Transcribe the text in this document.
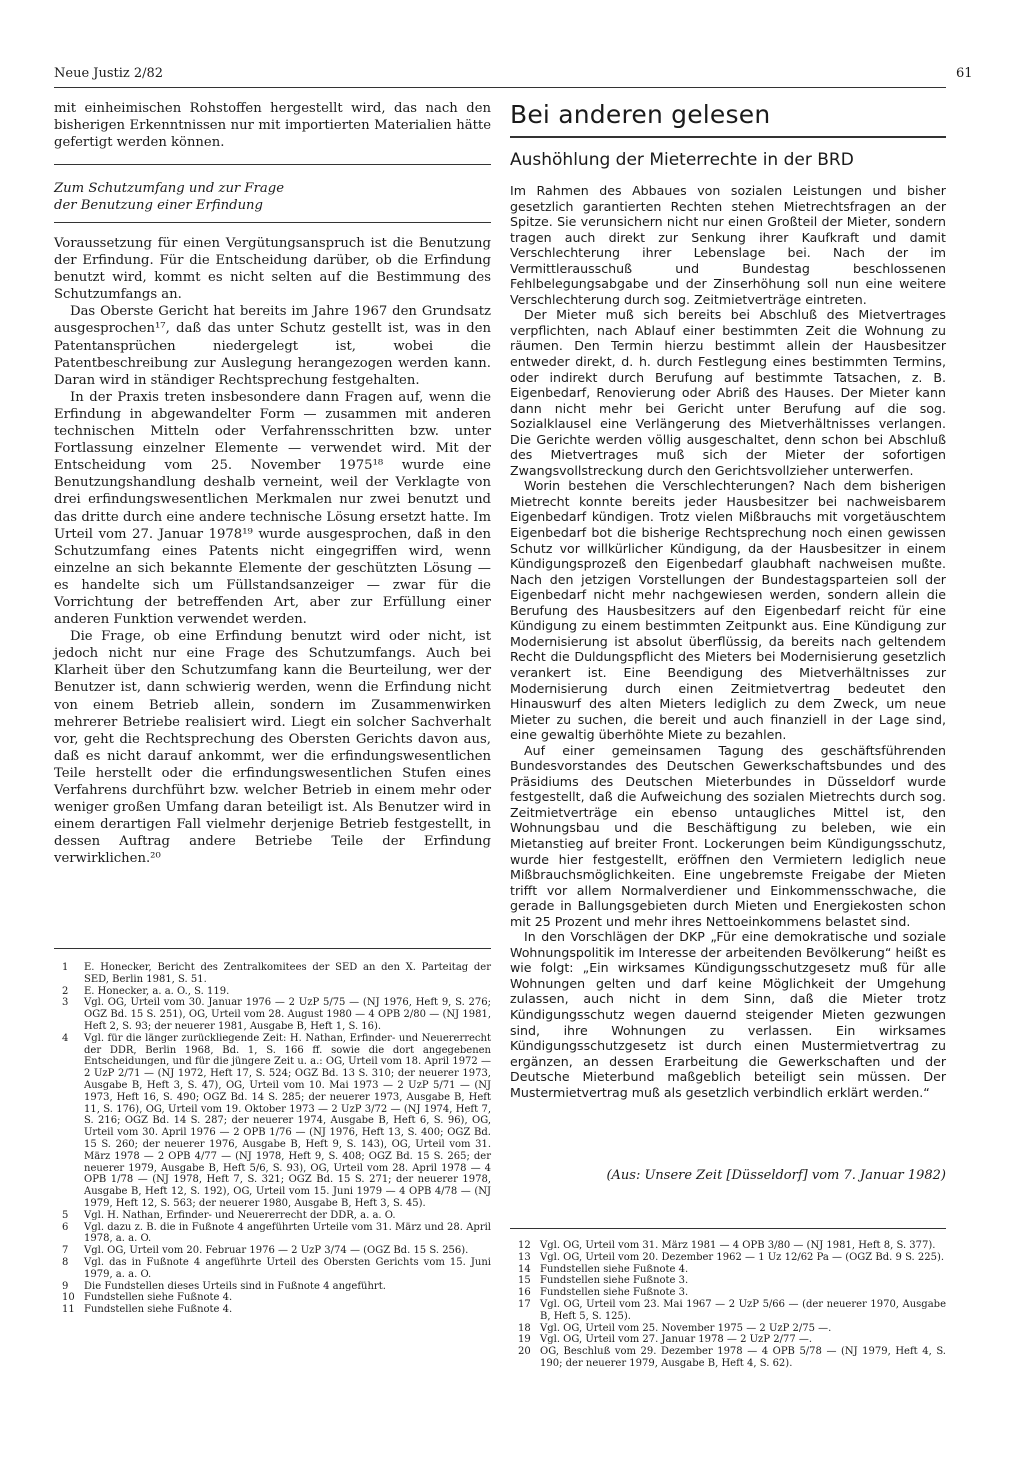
Neue Justiz 2/82	61

mit einheimischen Rohstoffen hergestellt wird, das nach den bisherigen Erkenntnissen nur mit importierten Materialien hätte gefertigt werden können.

Zum Schutzumfang und zur Frage
der Benutzung einer Erfindung

Voraussetzung für einen Vergütungsanspruch ist die Benutzung der Erfindung. Für die Entscheidung darüber, ob die Erfindung benutzt wird, kommt es nicht selten auf die Bestimmung des Schutzumfangs an.

Das Oberste Gericht hat bereits im Jahre 1967 den Grundsatz ausgesprochen¹⁷, daß das unter Schutz gestellt ist, was in den Patentansprüchen niedergelegt ist, wobei die Patentbeschreibung zur Auslegung herangezogen werden kann. Daran wird in ständiger Rechtsprechung festgehalten.

In der Praxis treten insbesondere dann Fragen auf, wenn die Erfindung in abgewandelter Form — zusammen mit anderen technischen Mitteln oder Verfahrensschritten bzw. unter Fortlassung einzelner Elemente — verwendet wird. Mit der Entscheidung vom 25. November 1975¹⁸ wurde eine Benutzungshandlung deshalb verneint, weil der Verklagte von drei erfindungswesentlichen Merkmalen nur zwei benutzt und das dritte durch eine andere technische Lösung ersetzt hatte. Im Urteil vom 27. Januar 1978¹⁹ wurde ausgesprochen, daß in den Schutzumfang eines Patents nicht eingegriffen wird, wenn einzelne an sich bekannte Elemente der geschützten Lösung — es handelte sich um Füllstandsanzeiger — zwar für die Vorrichtung der betreffenden Art, aber zur Erfüllung einer anderen Funktion verwendet werden.

Die Frage, ob eine Erfindung benutzt wird oder nicht, ist jedoch nicht nur eine Frage des Schutzumfangs. Auch bei Klarheit über den Schutzumfang kann die Beurteilung, wer der Benutzer ist, dann schwierig werden, wenn die Erfindung nicht von einem Betrieb allein, sondern im Zusammenwirken mehrerer Betriebe realisiert wird. Liegt ein solcher Sachverhalt vor, geht die Rechtsprechung des Obersten Gerichts davon aus, daß es nicht darauf ankommt, wer die erfindungswesentlichen Teile herstellt oder die erfindungswesentlichen Stufen eines Verfahrens durchführt bzw. welcher Betrieb in einem mehr oder weniger großen Umfang daran beteiligt ist. Als Benutzer wird in einem derartigen Fall vielmehr derjenige Betrieb festgestellt, in dessen Auftrag andere Betriebe Teile der Erfindung verwirklichen.²⁰

1	E. Honecker, Bericht des Zentralkomitees der SED an den X. Parteitag der SED, Berlin 1981, S. 51.
2	E. Honecker, a. a. O., S. 119.
3	Vgl. OG, Urteil vom 30. Januar 1976 — 2 UzP 5/75 — (NJ 1976, Heft 9, S. 276; OGZ Bd. 15 S. 251), OG, Urteil vom 28. August 1980 — 4 OPB 2/80 — (NJ 1981, Heft 2, S. 93; der neuerer 1981, Ausgabe B, Heft 1, S. 16).
4	Vgl. für die länger zurückliegende Zeit: H. Nathan, Erfinder- und Neuererrecht der DDR, Berlin 1968, Bd. 1, S. 166 ff. sowie die dort angegebenen Entscheidungen, und für die jüngere Zeit u. a.: OG, Urteil vom 18. April 1972 — 2 UzP 2/71 — (NJ 1972, Heft 17, S. 524; OGZ Bd. 13 S. 310; der neuerer 1973, Ausgabe B, Heft 3, S. 47), OG, Urteil vom 10. Mai 1973 — 2 UzP 5/71 — (NJ 1973, Heft 16, S. 490; OGZ Bd. 14 S. 285; der neuerer 1973, Ausgabe B, Heft 11, S. 176), OG, Urteil vom 19. Oktober 1973 — 2 UzP 3/72 — (NJ 1974, Heft 7, S. 216; OGZ Bd. 14 S. 287; der neuerer 1974, Ausgabe B, Heft 6, S. 96), OG, Urteil vom 30. April 1976 — 2 OPB 1/76 — (NJ 1976, Heft 13, S. 400; OGZ Bd. 15 S. 260; der neuerer 1976, Ausgabe B, Heft 9, S. 143), OG, Urteil vom 31. März 1978 — 2 OPB 4/77 — (NJ 1978, Heft 9, S. 408; OGZ Bd. 15 S. 265; der neuerer 1979, Ausgabe B, Heft 5/6, S. 93), OG, Urteil vom 28. April 1978 — 4 OPB 1/78 — (NJ 1978, Heft 7, S. 321; OGZ Bd. 15 S. 271; der neuerer 1978, Ausgabe B, Heft 12, S. 192), OG, Urteil vom 15. Juni 1979 — 4 OPB 4/78 — (NJ 1979, Heft 12, S. 563; der neuerer 1980, Ausgabe B, Heft 3, S. 45).
5	Vgl. H. Nathan, Erfinder- und Neuererrecht der DDR, a. a. O.
6	Vgl. dazu z. B. die in Fußnote 4 angeführten Urteile vom 31. März und 28. April 1978, a. a. O.
7	Vgl. OG, Urteil vom 20. Februar 1976 — 2 UzP 3/74 — (OGZ Bd. 15 S. 256).
8	Vgl. das in Fußnote 4 angeführte Urteil des Obersten Gerichts vom 15. Juni 1979, a. a. O.
9	Die Fundstellen dieses Urteils sind in Fußnote 4 angeführt.
10 Fundstellen siehe Fußnote 4.
11 Fundstellen siehe Fußnote 4.
Bei anderen gelesen
Aushöhlung der Mieterrechte in der BRD

Im Rahmen des Abbaues von sozialen Leistungen und bisher gesetzlich garantierten Rechten stehen Mietrechtsfragen an der Spitze. Sie verunsichern nicht nur einen Großteil der Mieter, sondern tragen auch direkt zur Senkung ihrer Kaufkraft und damit Verschlechterung ihrer Lebenslage bei. Nach der im Vermittlerausschuß und Bundestag beschlossenen Fehlbelegungsabgabe und der Zinserhöhung soll nun eine weitere Verschlechterung durch sog. Zeitmietverträge eintreten.

Der Mieter muß sich bereits bei Abschluß des Mietvertrages verpflichten, nach Ablauf einer bestimmten Zeit die Wohnung zu räumen. Den Termin hierzu bestimmt allein der Hausbesitzer entweder direkt, d. h. durch Festlegung eines bestimmten Termins, oder indirekt durch Berufung auf bestimmte Tatsachen, z. B. Eigenbedarf, Renovierung oder Abriß des Hauses. Der Mieter kann dann nicht mehr bei Gericht unter Berufung auf die sog. Sozialklausel eine Verlängerung des Mietverhältnisses verlangen. Die Gerichte werden völlig ausgeschaltet, denn schon bei Abschluß des Mietvertrages muß sich der Mieter der sofortigen Zwangsvollstreckung durch den Gerichtsvollzieher unterwerfen.

Worin bestehen die Verschlechterungen? Nach dem bisherigen Mietrecht konnte bereits jeder Hausbesitzer bei nachweisbarem Eigenbedarf kündigen. Trotz vielen Mißbrauchs mit vorgetäuschtem Eigenbedarf bot die bisherige Rechtsprechung noch einen gewissen Schutz vor willkürlicher Kündigung, da der Hausbesitzer in einem Kündigungsprozeß den Eigenbedarf glaubhaft nachweisen mußte. Nach den jetzigen Vorstellungen der Bundestagsparteien soll der Eigenbedarf nicht mehr nachgewiesen werden, sondern allein die Berufung des Hausbesitzers auf den Eigenbedarf reicht für eine Kündigung zu einem bestimmten Zeitpunkt aus. Eine Kündigung zur Modernisierung ist absolut überflüssig, da bereits nach geltendem Recht die Duldungspflicht des Mieters bei Modernisierung gesetzlich verankert ist. Eine Beendigung des Mietverhältnisses zur Modernisierung durch einen Zeitmietvertrag bedeutet den Hinauswurf des alten Mieters lediglich zu dem Zweck, um neue Mieter zu suchen, die bereit und auch finanziell in der Lage sind, eine gewaltig überhöhte Miete zu bezahlen.

Auf einer gemeinsamen Tagung des geschäftsführenden Bundesvorstandes des Deutschen Gewerkschaftsbundes und des Präsidiums des Deutschen Mieterbundes in Düsseldorf wurde festgestellt, daß die Aufweichung des sozialen Mietrechts durch sog. Zeitmietverträge ein ebenso untaugliches Mittel ist, den Wohnungsbau und die Beschäftigung zu beleben, wie ein Mietanstieg auf breiter Front. Lockerungen beim Kündigungsschutz, wurde hier festgestellt, eröffnen den Vermietern lediglich neue Mißbrauchsmöglichkeiten. Eine ungebremste Freigabe der Mieten trifft vor allem Normalverdiener und Einkommensschwache, die gerade in Ballungsgebieten durch Mieten und Energiekosten schon mit 25 Prozent und mehr ihres Nettoeinkommens belastet sind.

In den Vorschlägen der DKP „Für eine demokratische und soziale Wohnungspolitik im Interesse der arbeitenden Bevölkerung“ heißt es wie folgt: „Ein wirksames Kündigungsschutzgesetz muß für alle Wohnungen gelten und darf keine Möglichkeit der Umgehung zulassen, auch nicht in dem Sinn, daß die Mieter trotz Kündigungsschutz wegen dauernd steigender Mieten gezwungen sind, ihre Wohnungen zu verlassen. Ein wirksames Kündigungsschutzgesetz ist durch einen Mustermietvertrag zu ergänzen, an dessen Erarbeitung die Gewerkschaften und der Deutsche Mieterbund maßgeblich beteiligt sein müssen. Der Mustermietvertrag muß als gesetzlich verbindlich erklärt werden.“

(Aus: Unsere Zeit [Düsseldorf] vom 7. Januar 1982)
12 Vgl. OG, Urteil vom 31. März 1981 — 4 OPB 3/80 — (NJ 1981, Heft 8, S. 377).
13 Vgl. OG, Urteil vom 20. Dezember 1962 — 1 Uz 12/62 Pa — (OGZ Bd. 9 S. 225).
14 Fundstellen siehe Fußnote 4.
15 Fundstellen siehe Fußnote 3.
16 Fundstellen siehe Fußnote 3.
17 Vgl. OG, Urteil vom 23. Mai 1967 — 2 UzP 5/66 — (der neuerer 1970, Ausgabe B, Heft 5, S. 125).
18 Vgl. OG, Urteil vom 25. November 1975 — 2 UzP 2/75 —.
19 Vgl. OG, Urteil vom 27. Januar 1978 — 2 UzP 2/77 —.
20 OG, Beschluß vom 29. Dezember 1978 — 4 OPB 5/78 — (NJ 1979, Heft 4, S. 190; der neuerer 1979, Ausgabe B, Heft 4, S. 62).
